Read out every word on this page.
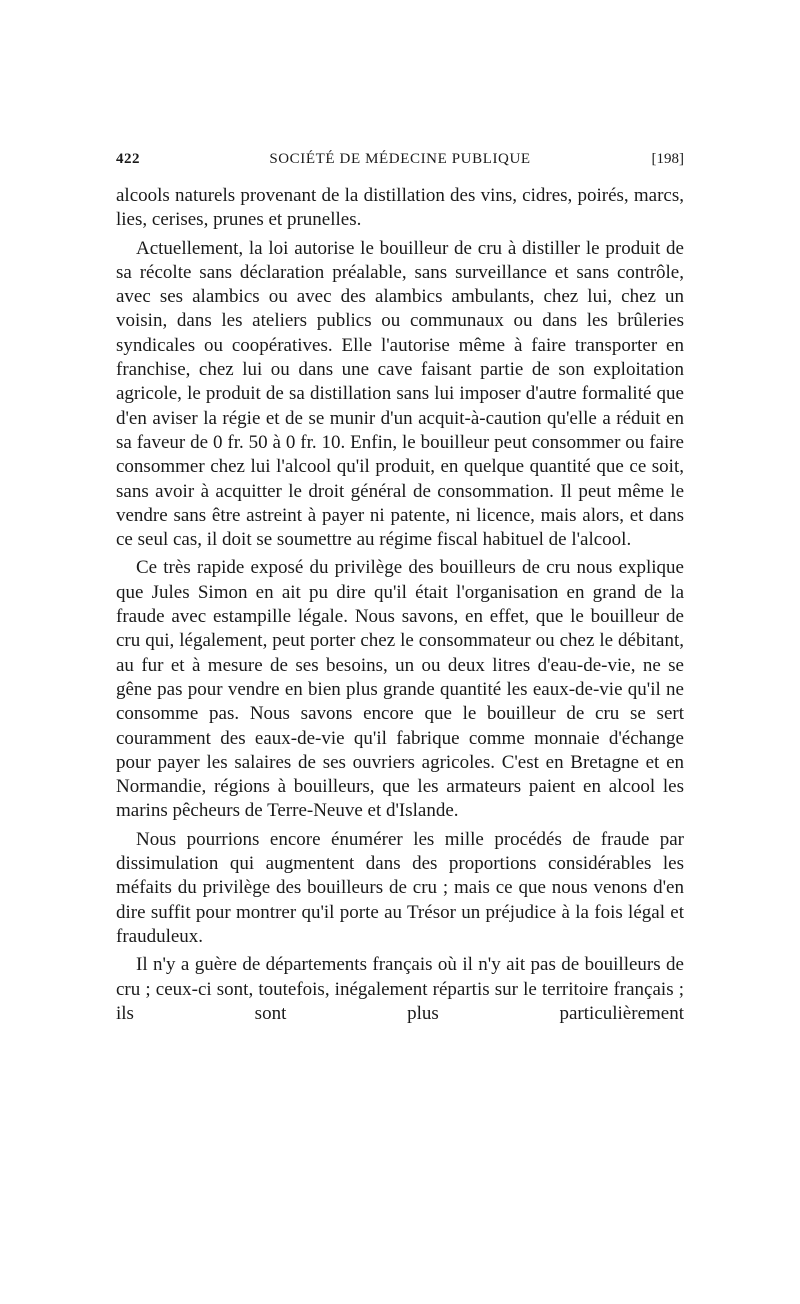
422	SOCIÉTÉ DE MÉDECINE PUBLIQUE	[198]

alcools naturels provenant de la distillation des vins, cidres, poirés, marcs, lies, cerises, prunes et prunelles.

Actuellement, la loi autorise le bouilleur de cru à distiller le produit de sa récolte sans déclaration préalable, sans surveillance et sans contrôle, avec ses alambics ou avec des alambics ambulants, chez lui, chez un voisin, dans les ateliers publics ou communaux ou dans les brûleries syndicales ou coopératives. Elle l'autorise même à faire transporter en franchise, chez lui ou dans une cave faisant partie de son exploitation agricole, le produit de sa distillation sans lui imposer d'autre formalité que d'en aviser la régie et de se munir d'un acquit-à-caution qu'elle a réduit en sa faveur de 0 fr. 50 à 0 fr. 10. Enfin, le bouilleur peut consommer ou faire consommer chez lui l'alcool qu'il produit, en quelque quantité que ce soit, sans avoir à acquitter le droit général de consommation. Il peut même le vendre sans être astreint à payer ni patente, ni licence, mais alors, et dans ce seul cas, il doit se soumettre au régime fiscal habituel de l'alcool.

Ce très rapide exposé du privilège des bouilleurs de cru nous explique que Jules Simon en ait pu dire qu'il était l'organisation en grand de la fraude avec estampille légale. Nous savons, en effet, que le bouilleur de cru qui, légalement, peut porter chez le consommateur ou chez le débitant, au fur et à mesure de ses besoins, un ou deux litres d'eau-de-vie, ne se gêne pas pour vendre en bien plus grande quantité les eaux-de-vie qu'il ne consomme pas. Nous savons encore que le bouilleur de cru se sert couramment des eaux-de-vie qu'il fabrique comme monnaie d'échange pour payer les salaires de ses ouvriers agricoles. C'est en Bretagne et en Normandie, régions à bouilleurs, que les armateurs paient en alcool les marins pêcheurs de Terre-Neuve et d'Islande.

Nous pourrions encore énumérer les mille procédés de fraude par dissimulation qui augmentent dans des proportions considérables les méfaits du privilège des bouilleurs de cru ; mais ce que nous venons d'en dire suffit pour montrer qu'il porte au Trésor un préjudice à la fois légal et frauduleux.

Il n'y a guère de départements français où il n'y ait pas de bouilleurs de cru ; ceux-ci sont, toutefois, inégalement répartis sur le territoire français ; ils sont plus particulièrement
